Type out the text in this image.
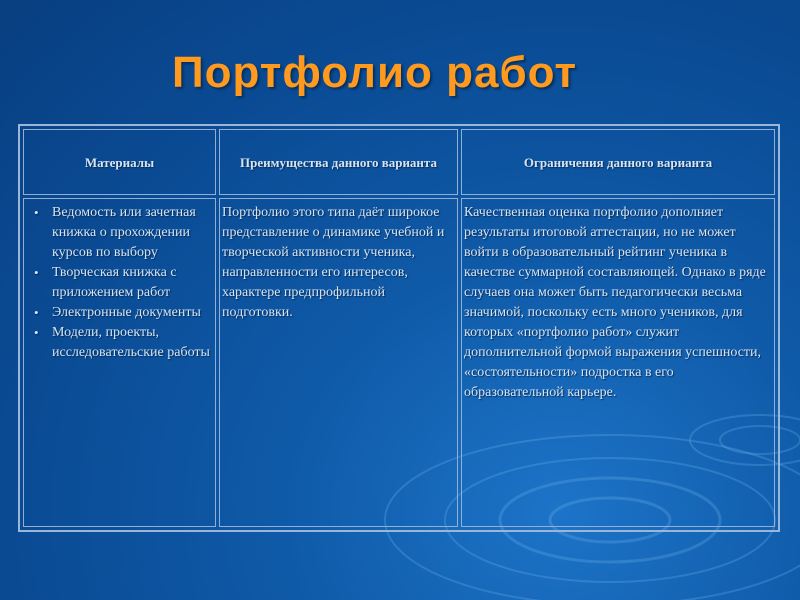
Портфолио работ
Материалы	Преимущества данного варианта	Ограничения данного варианта
• Ведомость или зачетная книжка о прохождении курсов по выбору
• Творческая книжка с приложением работ
• Электронные документы
• Модели, проекты, исследовательские работы
Портфолио этого типа даёт широкое представление о динамике учебной и творческой активности ученика, направленности его интересов, характере предпрофильной подготовки.
Качественная оценка портфолио дополняет результаты итоговой аттестации, но не может войти в образовательный рейтинг ученика в качестве суммарной составляющей. Однако в ряде случаев она может быть педагогически весьма значимой, поскольку есть много учеников, для которых «портфолио работ» служит дополнительной формой выражения успешности, «состоятельности» подростка в его образовательной карьере.
